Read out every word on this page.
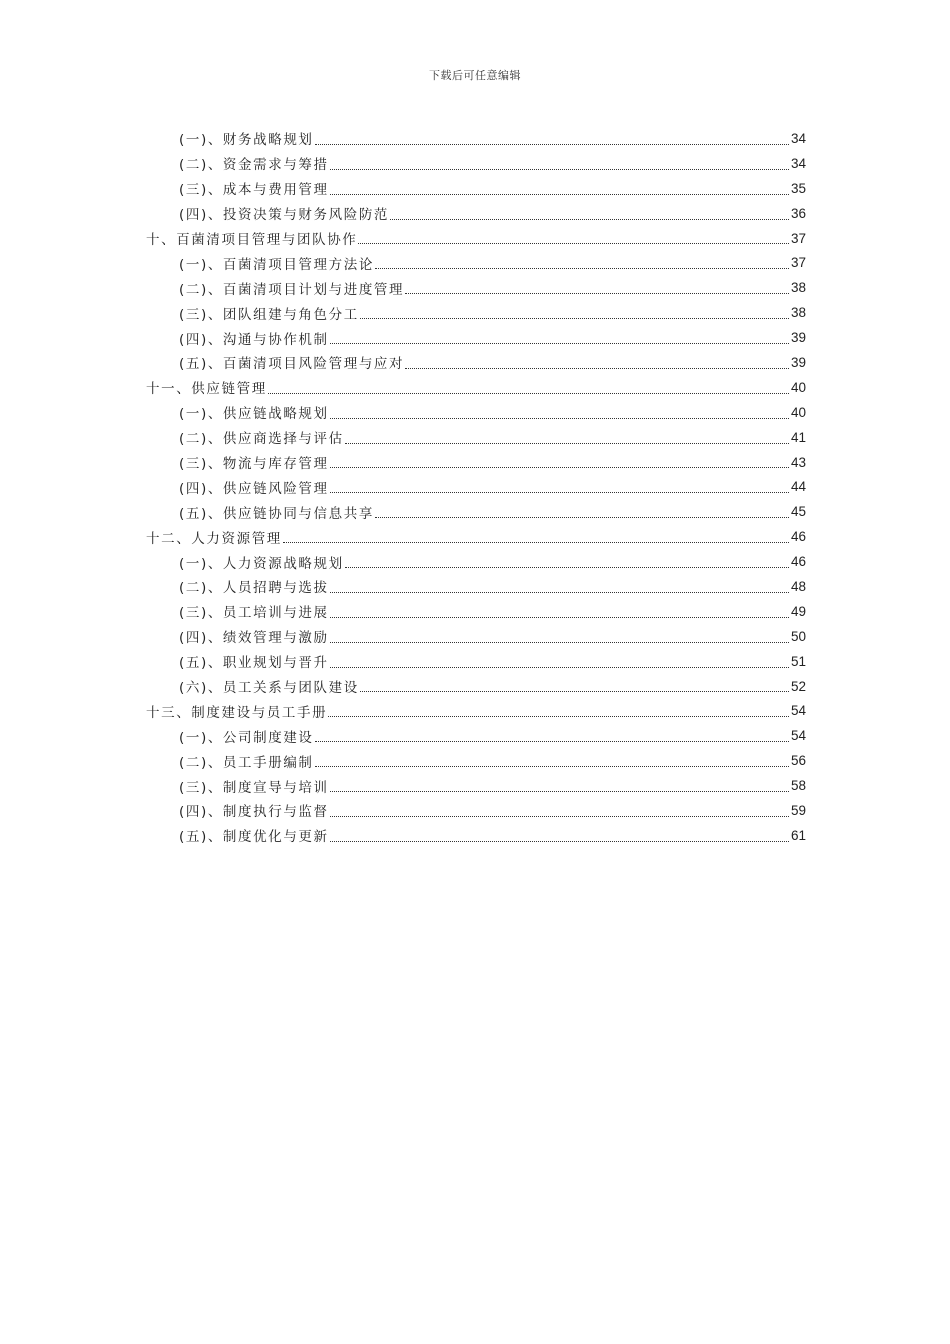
下载后可任意编辑
(一)、财务战略规划	34
(二)、资金需求与筹措	34
(三)、成本与费用管理	35
(四)、投资决策与财务风险防范	36
十、百菌清项目管理与团队协作	37
(一)、百菌清项目管理方法论	37
(二)、百菌清项目计划与进度管理	38
(三)、团队组建与角色分工	38
(四)、沟通与协作机制	39
(五)、百菌清项目风险管理与应对	39
十一、供应链管理	40
(一)、供应链战略规划	40
(二)、供应商选择与评估	41
(三)、物流与库存管理	43
(四)、供应链风险管理	44
(五)、供应链协同与信息共享	45
十二、人力资源管理	46
(一)、人力资源战略规划	46
(二)、人员招聘与选拔	48
(三)、员工培训与进展	49
(四)、绩效管理与激励	50
(五)、职业规划与晋升	51
(六)、员工关系与团队建设	52
十三、制度建设与员工手册	54
(一)、公司制度建设	54
(二)、员工手册编制	56
(三)、制度宣导与培训	58
(四)、制度执行与监督	59
(五)、制度优化与更新	61
